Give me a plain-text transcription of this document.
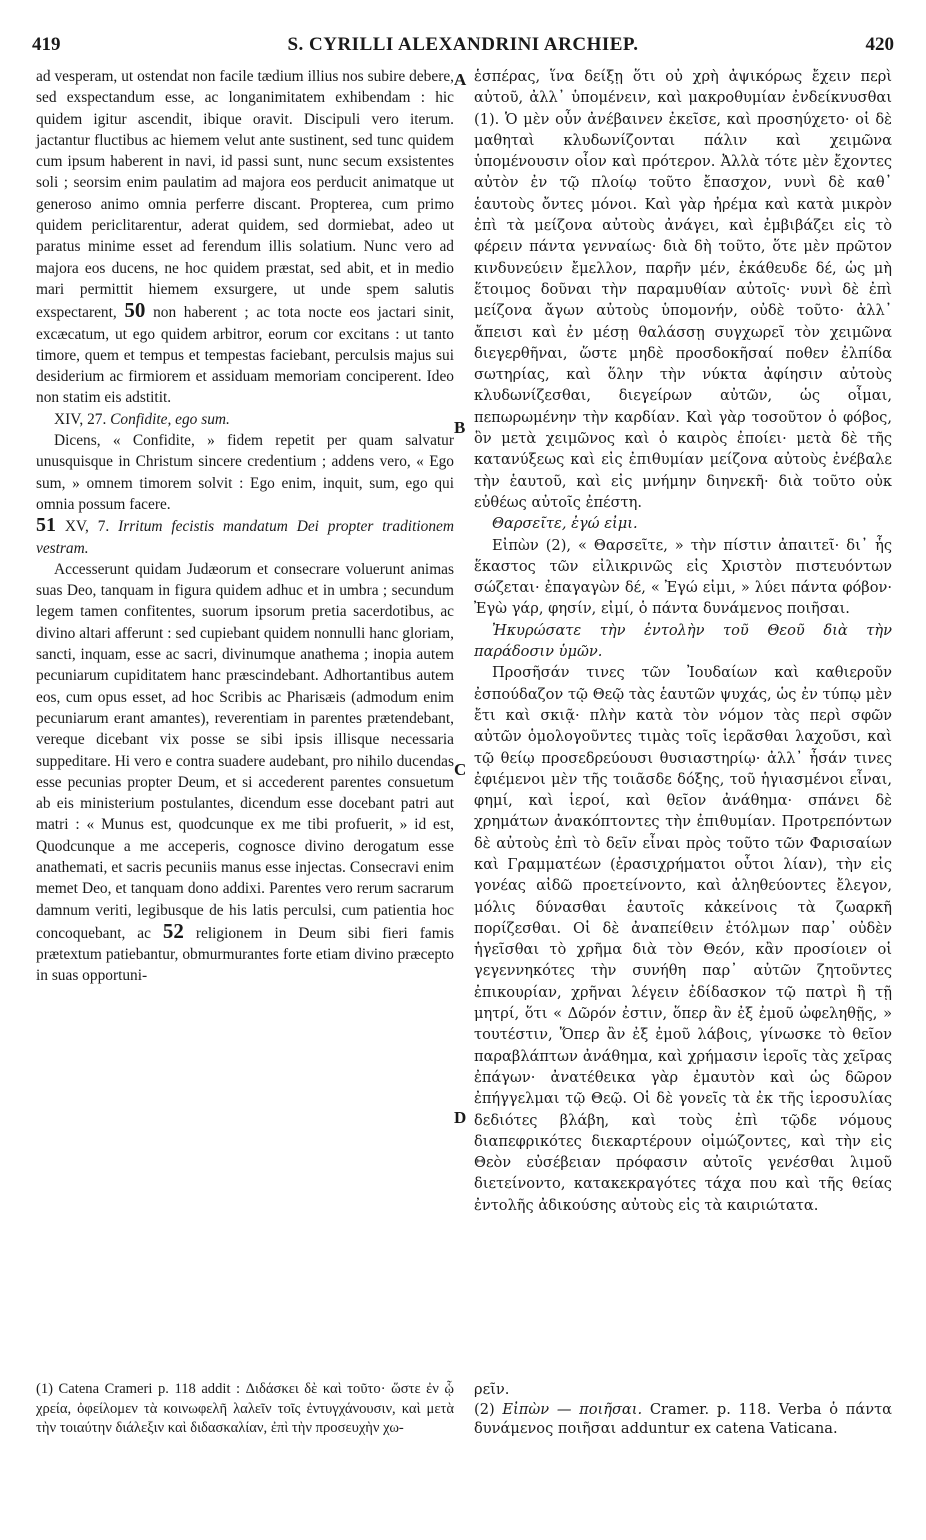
419	S. CYRILLI ALEXANDRINI ARCHIEP.	420
A
B
C
D

ad vesperam, ut ostendat non facile tædium illius nos subire debere, sed exspectandum esse, ac longanimitatem exhibendam : hic quidem igitur ascendit, ibique oravit. Discipuli vero iterum. jactantur fluctibus ac hiemem velut ante sustinent, sed tunc quidem cum ipsum haberent in navi, id passi sunt, nunc secum exsistentes soli ; seorsim enim paulatim ad majora eos perducit animatque ut generoso animo omnia perferre discant. Propterea, cum primo quidem periclitarentur, aderat quidem, sed dormiebat, adeo ut paratus minime esset ad ferendum illis solatium. Nunc vero ad majora eos ducens, ne hoc quidem præstat, sed abit, et in medio mari permittit hiemem exsurgere, ut unde spem salutis exspectarent, 50 non haberent ; ac tota nocte eos jactari sinit, excæcatum, ut ego quidem arbitror, eorum cor excitans : ut tanto timore, quem et tempus et tempestas faciebant, perculsis majus sui desiderium ac firmiorem et assiduam memoriam conciperent. Ideo non statim eis adstitit.

XIV, 27. Confidite, ego sum.

Dicens, « Confidite, » fidem repetit per quam salvatur unusquisque in Christum sincere credentium ; addens vero, « Ego sum, » omnem timorem solvit : Ego enim, inquit, sum, ego qui omnia possum facere.

51 XV, 7. Irritum fecistis mandatum Dei propter traditionem vestram.

Accesserunt quidam Judæorum et consecrare voluerunt animas suas Deo, tanquam in figura quidem adhuc et in umbra ; secundum legem tamen confitentes, suorum ipsorum pretia sacerdotibus, ac divino altari afferunt : sed cupiebant quidem nonnulli hanc gloriam, sancti, inquam, esse ac sacri, divinumque anathema ; inopia autem pecuniarum cupiditatem hanc præscindebant. Adhortantibus autem eos, cum opus esset, ad hoc Scribis ac Pharisæis (admodum enim pecuniarum erant amantes), reverentiam in parentes prætendebant, vereque dicebant vix posse se sibi ipsis illisque necessaria suppeditare. Hi vero e contra suadere audebant, pro nihilo ducendas esse pecunias propter Deum, et si accederent parentes consuetum ab eis ministerium postulantes, dicendum esse docebant patri aut matri : « Munus est, quodcunque ex me tibi profuerit, » id est, Quodcunque a me acceperis, cognosce divino derogatum esse anathemati, et sacris pecuniis manus esse injectas. Consecravi enim memet Deo, et tanquam dono addixi. Parentes vero rerum sacrarum damnum veriti, legibusque de his latis perculsi, cum patientia hoc concoquebant, ac 52 religionem in Deum sibi fieri famis prætextum patiebantur, obmurmurantes forte etiam divino præcepto in suas opportuni-

ἑσπέρας, ἵνα δείξῃ ὅτι οὐ χρὴ ἀψικόρως ἔχειν περὶ αὐτοῦ, ἀλλ᾽ ὑπομένειν, καὶ μακροθυμίαν ἐνδείκνυσθαι (1). Ὁ μὲν οὖν ἀνέβαινεν ἐκεῖσε, καὶ προσηύχετο· οἱ δὲ μαθηταὶ κλυδωνίζονται πάλιν καὶ χειμῶνα ὑπομένουσιν οἷον καὶ πρότερον. Ἀλλὰ τότε μὲν ἔχοντες αὐτὸν ἐν τῷ πλοίῳ τοῦτο ἔπασχον, νυνὶ δὲ καθ᾽ ἑαυτοὺς ὄντες μόνοι. Καὶ γὰρ ἠρέμα καὶ κατὰ μικρὸν ἐπὶ τὰ μείζονα αὐτοὺς ἀνάγει, καὶ ἐμβιβάζει εἰς τὸ φέρειν πάντα γενναίως· διὰ δὴ τοῦτο, ὅτε μὲν πρῶτον κινδυνεύειν ἔμελλον, παρῆν μέν, ἐκάθευδε δέ, ὡς μὴ ἕτοιμος δοῦναι τὴν παραμυθίαν αὐτοῖς· νυνὶ δὲ ἐπὶ μείζονα ἄγων αὐτοὺς ὑπομονήν, οὐδὲ τοῦτο· ἀλλ᾽ ἄπεισι καὶ ἐν μέσῃ θαλάσσῃ συγχωρεῖ τὸν χειμῶνα διεγερθῆναι, ὥστε μηδὲ προσδοκῆσαί ποθεν ἐλπίδα σωτηρίας, καὶ ὅλην τὴν νύκτα ἀφίησιν αὐτοὺς κλυδωνίζεσθαι, διεγείρων αὐτῶν, ὡς οἶμαι, πεπωρωμένην τὴν καρδίαν. Καὶ γὰρ τοσοῦτον ὁ φόβος, ὃν μετὰ χειμῶνος καὶ ὁ καιρὸς ἐποίει· μετὰ δὲ τῆς κατανύξεως καὶ εἰς ἐπιθυμίαν μείζονα αὐτοὺς ἐνέβαλε τὴν ἑαυτοῦ, καὶ εἰς μνήμην διηνεκῆ· διὰ τοῦτο οὐκ εὐθέως αὐτοῖς ἐπέστη.

Θαρσεῖτε, ἐγώ εἰμι.

Εἰπὼν (2), « Θαρσεῖτε, » τὴν πίστιν ἀπαιτεῖ· δι᾽ ἧς ἕκαστος τῶν εἰλικρινῶς εἰς Χριστὸν πιστευόντων σώζεται· ἐπαγαγὼν δέ, « Ἐγώ εἰμι, » λύει πάντα φόβον· Ἐγὼ γάρ, φησίν, εἰμί, ὁ πάντα δυνάμενος ποιῆσαι.

Ἠκυρώσατε τὴν ἐντολὴν τοῦ Θεοῦ διὰ τὴν παράδοσιν ὑμῶν.

Προσῆσάν τινες τῶν Ἰουδαίων καὶ καθιεροῦν ἐσπούδαζον τῷ Θεῷ τὰς ἑαυτῶν ψυχάς, ὡς ἐν τύπῳ μὲν ἔτι καὶ σκιᾷ· πλὴν κατὰ τὸν νόμον τὰς περὶ σφῶν αὐτῶν ὁμολογοῦντες τιμὰς τοῖς ἱερᾶσθαι λαχοῦσι, καὶ τῷ θείῳ προσεδρεύουσι θυσιαστηρίῳ· ἀλλ᾽ ἦσάν τινες ἐφιέμενοι μὲν τῆς τοιᾶσδε δόξης, τοῦ ἡγιασμένοι εἶναι, φημί, καὶ ἱεροί, καὶ θεῖον ἀνάθημα· σπάνει δὲ χρημάτων ἀνακόπτοντες τὴν ἐπιθυμίαν. Προτρεπόντων δὲ αὐτοὺς ἐπὶ τὸ δεῖν εἶναι πρὸς τοῦτο τῶν Φαρισαίων καὶ Γραμματέων (ἐρασιχρήματοι οὗτοι λίαν), τὴν εἰς γονέας αἰδῶ προετείνοντο, καὶ ἀληθεύοντες ἔλεγον, μόλις δύνασθαι ἑαυτοῖς κἀκείνοις τὰ ζωαρκῆ πορίζεσθαι. Οἱ δὲ ἀναπείθειν ἐτόλμων παρ᾽ οὐδὲν ἡγεῖσθαι τὸ χρῆμα διὰ τὸν Θεόν, κἂν προσίοιεν οἱ γεγεννηκότες τὴν συνήθη παρ᾽ αὐτῶν ζητοῦντες ἐπικουρίαν, χρῆναι λέγειν ἐδίδασκον τῷ πατρὶ ἢ τῇ μητρί, ὅτι « Δῶρόν ἐστιν, ὅπερ ἂν ἐξ ἐμοῦ ὠφεληθῇς, » τουτέστιν, Ὅπερ ἂν ἐξ ἐμοῦ λάβοις, γίνωσκε τὸ θεῖον παραβλάπτων ἀνάθημα, καὶ χρήμασιν ἱεροῖς τὰς χεῖρας ἐπάγων· ἀνατέθεικα γὰρ ἐμαυτὸν καὶ ὡς δῶρον ἐπήγγελμαι τῷ Θεῷ. Οἱ δὲ γονεῖς τὰ ἐκ τῆς ἱεροσυλίας δεδιότες βλάβη, καὶ τοὺς ἐπὶ τῷδε νόμους διαπεφρικότες διεκαρτέρουν οἰμώζοντες, καὶ τὴν εἰς Θεὸν εὐσέβειαν πρόφασιν αὐτοῖς γενέσθαι λιμοῦ διετείνοντο, κατακεκραγότες τάχα που καὶ τῆς θείας ἐντολῆς ἀδικούσης αὐτοὺς εἰς τὰ καιριώτατα.

(1) Catena Crameri p. 118 addit : Διδάσκει δὲ καὶ τοῦτο· ὥστε ἐν ᾧ χρεία, ὀφείλομεν τὰ κοινωφελῆ λαλεῖν τοῖς ἐντυγχάνουσιν, καὶ μετὰ τὴν τοιαύτην διάλεξιν καὶ διδασκαλίαν, ἐπὶ τὴν προσευχὴν χω-

ρεῖν.

(2) Εἰπὼν — ποιῆσαι. Cramer. p. 118. Verba ὁ πάντα δυνάμενος ποιῆσαι adduntur ex catena Vaticana.
